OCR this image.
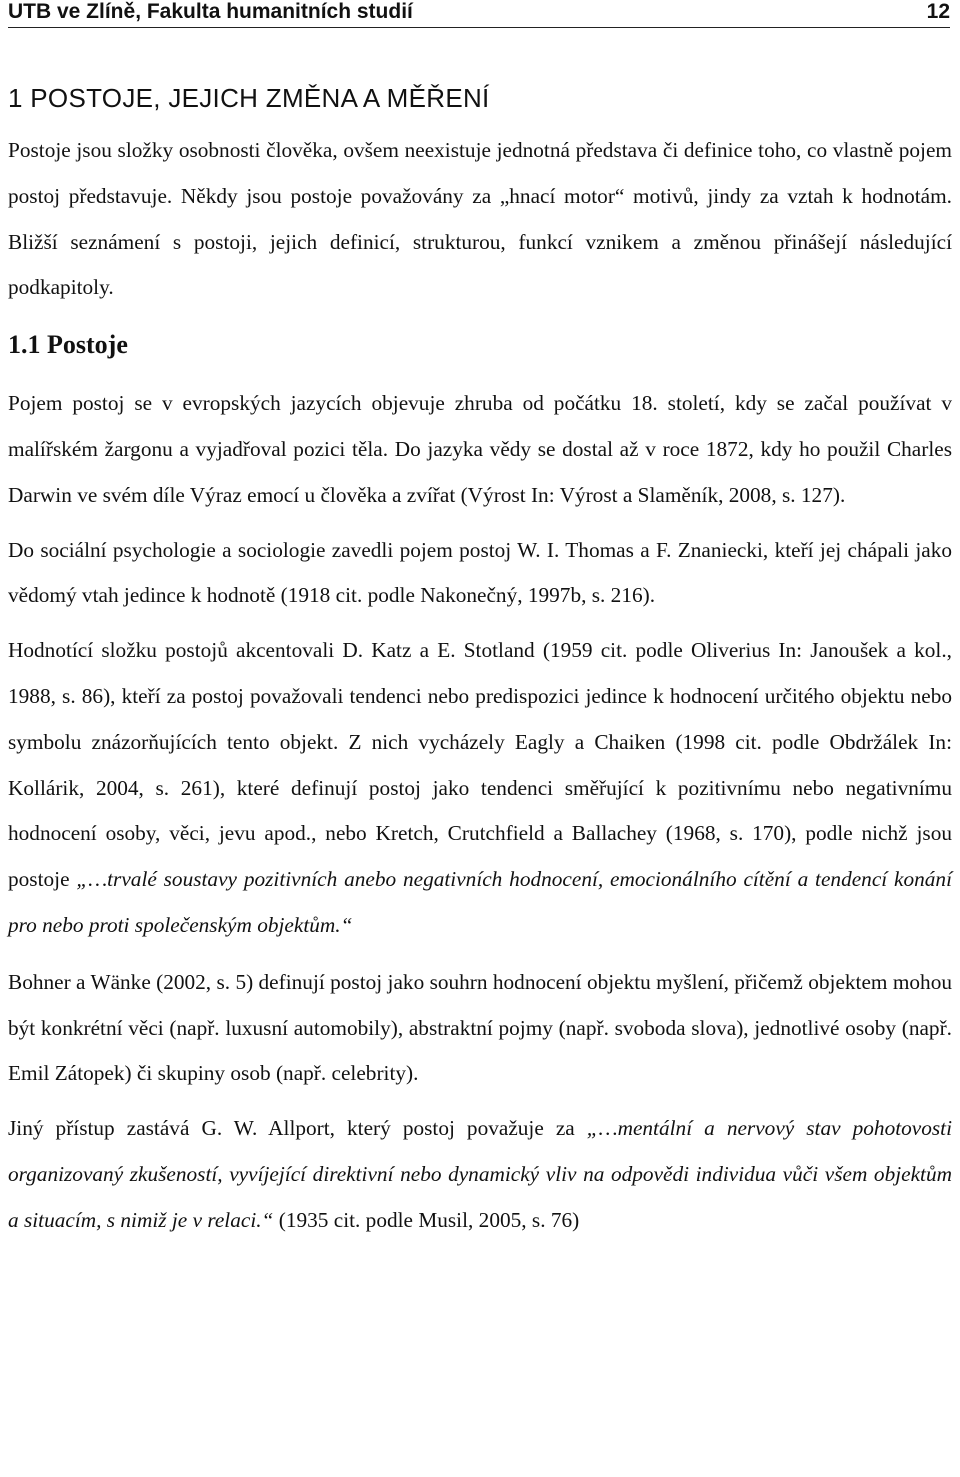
UTB ve Zlíně, Fakulta humanitních studií	12
1 POSTOJE, JEJICH ZMĚNA A MĚŘENÍ

Postoje jsou složky osobnosti člověka, ovšem neexistuje jednotná představa či definice toho, co vlastně pojem postoj představuje. Někdy jsou postoje považovány za „hnací motor“ motivů, jindy za vztah k hodnotám. Bližší seznámení s postoji, jejich definicí, strukturou, funkcí vznikem a změnou přinášejí následující podkapitoly.

1.1 Postoje

Pojem postoj se v evropských jazycích objevuje zhruba od počátku 18. století, kdy se začal používat v malířském žargonu a vyjadřoval pozici těla. Do jazyka vědy se dostal až v roce 1872, kdy ho použil Charles Darwin ve svém díle Výraz emocí u člověka a zvířat (Výrost In: Výrost a Slaměník, 2008, s. 127).

Do sociální psychologie a sociologie zavedli pojem postoj W. I. Thomas a F. Znaniecki, kteří jej chápali jako vědomý vtah jedince k hodnotě (1918 cit. podle Nakonečný, 1997b, s. 216).

Hodnotící složku postojů akcentovali D. Katz a E. Stotland (1959 cit. podle Oliverius In: Janoušek a kol., 1988, s. 86), kteří za postoj považovali tendenci nebo predispozici jedince k hodnocení určitého objektu nebo symbolu znázorňujících tento objekt. Z nich vycházely Eagly a Chaiken (1998 cit. podle Obdržálek In: Kollárik, 2004, s. 261), které definují postoj jako tendenci směřující k pozitivnímu nebo negativnímu hodnocení osoby, věci, jevu apod., nebo Kretch, Crutchfield a Ballachey (1968, s. 170), podle nichž jsou postoje „…trvalé soustavy pozitivních anebo negativních hodnocení, emocionálního cítění a tendencí konání pro nebo proti společenským objektům.“

Bohner a Wänke (2002, s. 5) definují postoj jako souhrn hodnocení objektu myšlení, přičemž objektem mohou být konkrétní věci (např. luxusní automobily), abstraktní pojmy (např. svoboda slova), jednotlivé osoby (např. Emil Zátopek) či skupiny osob (např. celebrity).

Jiný přístup zastává G. W. Allport, který postoj považuje za „…mentální a nervový stav pohotovosti organizovaný zkušeností, vyvíjející direktivní nebo dynamický vliv na odpovědi individua vůči všem objektům a situacím, s nimiž je v relaci.“ (1935 cit. podle Musil, 2005, s. 76)
